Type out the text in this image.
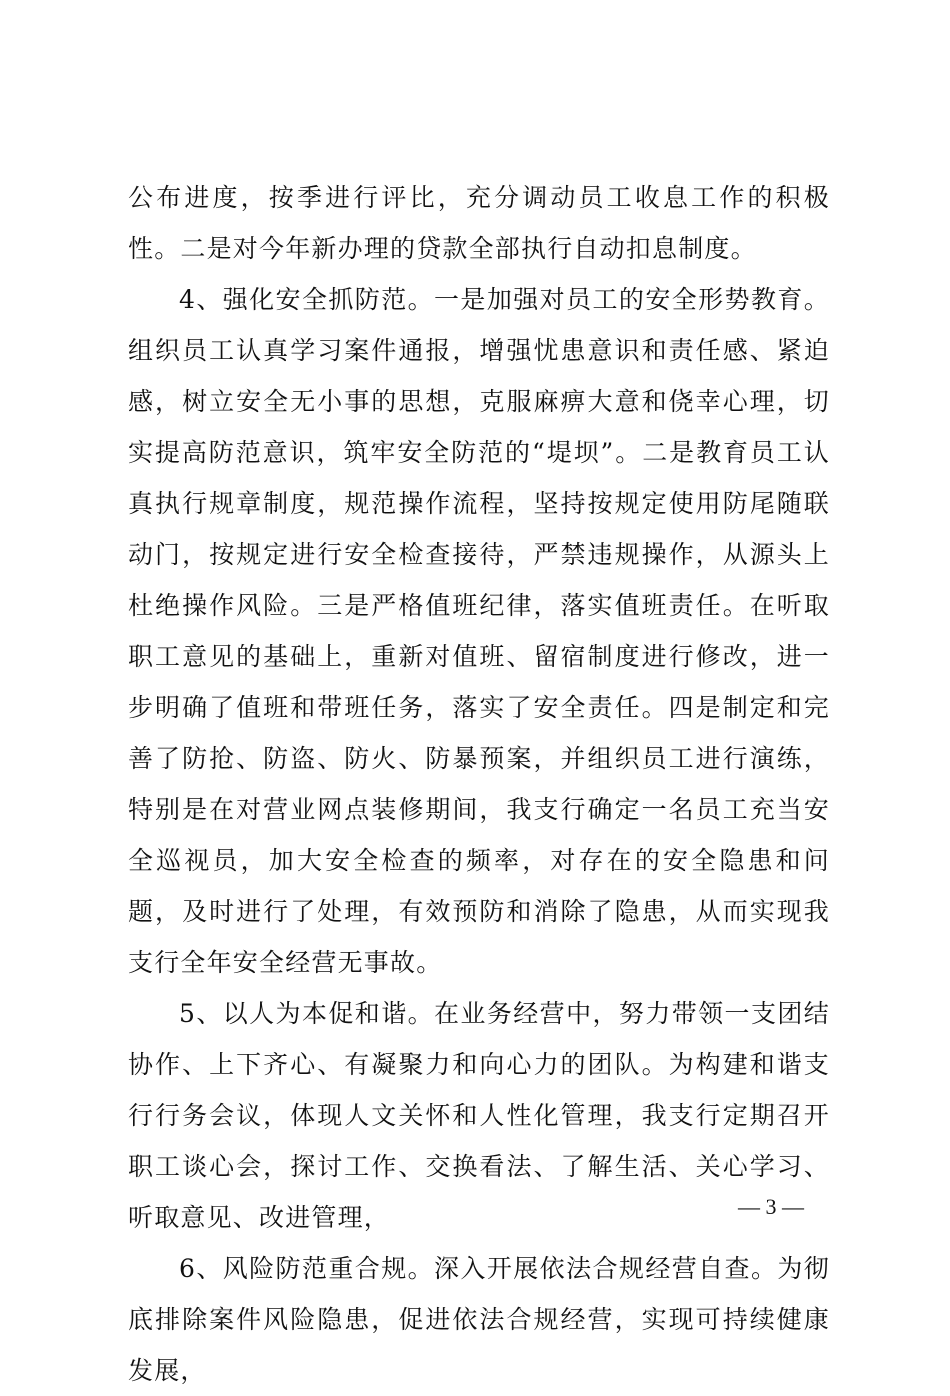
公布进度，按季进行评比，充分调动员工收息工作的积极性。二是对今年新办理的贷款全部执行自动扣息制度。

4、强化安全抓防范。一是加强对员工的安全形势教育。组织员工认真学习案件通报，增强忧患意识和责任感、紧迫感，树立安全无小事的思想，克服麻痹大意和侥幸心理，切实提高防范意识，筑牢安全防范的“堤坝”。二是教育员工认真执行规章制度，规范操作流程，坚持按规定使用防尾随联动门，按规定进行安全检查接待，严禁违规操作，从源头上杜绝操作风险。三是严格值班纪律，落实值班责任。在听取职工意见的基础上，重新对值班、留宿制度进行修改，进一步明确了值班和带班任务，落实了安全责任。四是制定和完善了防抢、防盗、防火、防暴预案，并组织员工进行演练，特别是在对营业网点装修期间，我支行确定一名员工充当安全巡视员，加大安全检查的频率，对存在的安全隐患和问题，及时进行了处理，有效预防和消除了隐患，从而实现我支行全年安全经营无事故。

5、以人为本促和谐。在业务经营中，努力带领一支团结协作、上下齐心、有凝聚力和向心力的团队。为构建和谐支行行务会议，体现人文关怀和人性化管理，我支行定期召开职工谈心会，探讨工作、交换看法、了解生活、关心学习、听取意见、改进管理，

6、风险防范重合规。深入开展依法合规经营自查。为彻底排除案件风险隐患，促进依法合规经营，实现可持续健康发展，

— 3 —
